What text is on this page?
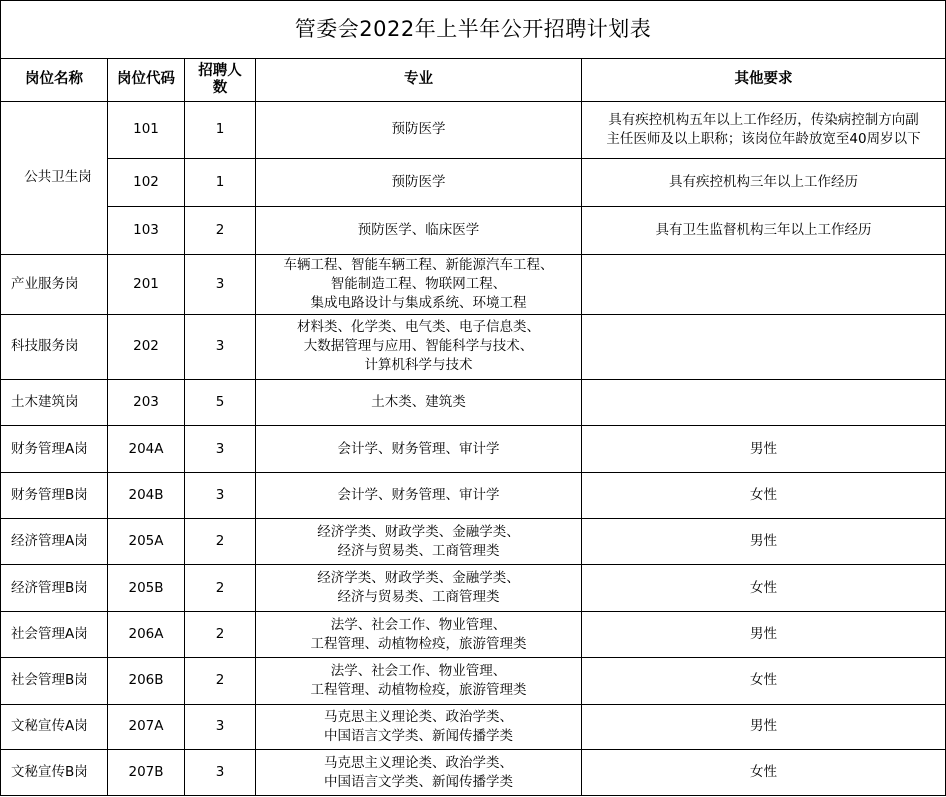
管委会2022年上半年公开招聘计划表				
岗位名称	岗位代码	招聘人
数	专业	其他要求
公共卫生岗	101	1	预防医学	具有疾控机构五年以上工作经历，传染病控制方向副
主任医师及以上职称；该岗位年龄放宽至40周岁以下

	102	1	预防医学	具有疾控机构三年以上工作经历
	103	2	预防医学、临床医学	具有卫生监督机构三年以上工作经历
产业服务岗	201	3	车辆工程、智能车辆工程、新能源汽车工程、
智能制造工程、物联网工程、
集成电路设计与集成系统、环境工程	

科技服务岗	202	3	材料类、化学类、电气类、电子信息类、
大数据管理与应用、智能科学与技术、
计算机科学与技术	

土木建筑岗	203	5	土木类、建筑类	

财务管理A岗	204A	3	会计学、财务管理、审计学	男性
财务管理B岗	204B	3	会计学、财务管理、审计学	女性
经济管理A岗	205A	2	经济学类、财政学类、金融学类、
经济与贸易类、工商管理类	男性
经济管理B岗	205B	2	经济学类、财政学类、金融学类、
经济与贸易类、工商管理类	女性
社会管理A岗	206A	2	法学、社会工作、物业管理、
工程管理、动植物检疫，旅游管理类	男性
社会管理B岗	206B	2	法学、社会工作、物业管理、
工程管理、动植物检疫，旅游管理类	女性
文秘宣传A岗	207A	3	马克思主义理论类、政治学类、
中国语言文学类、新闻传播学类	男性
文秘宣传B岗	207B	3	马克思主义理论类、政治学类、
中国语言文学类、新闻传播学类	女性
